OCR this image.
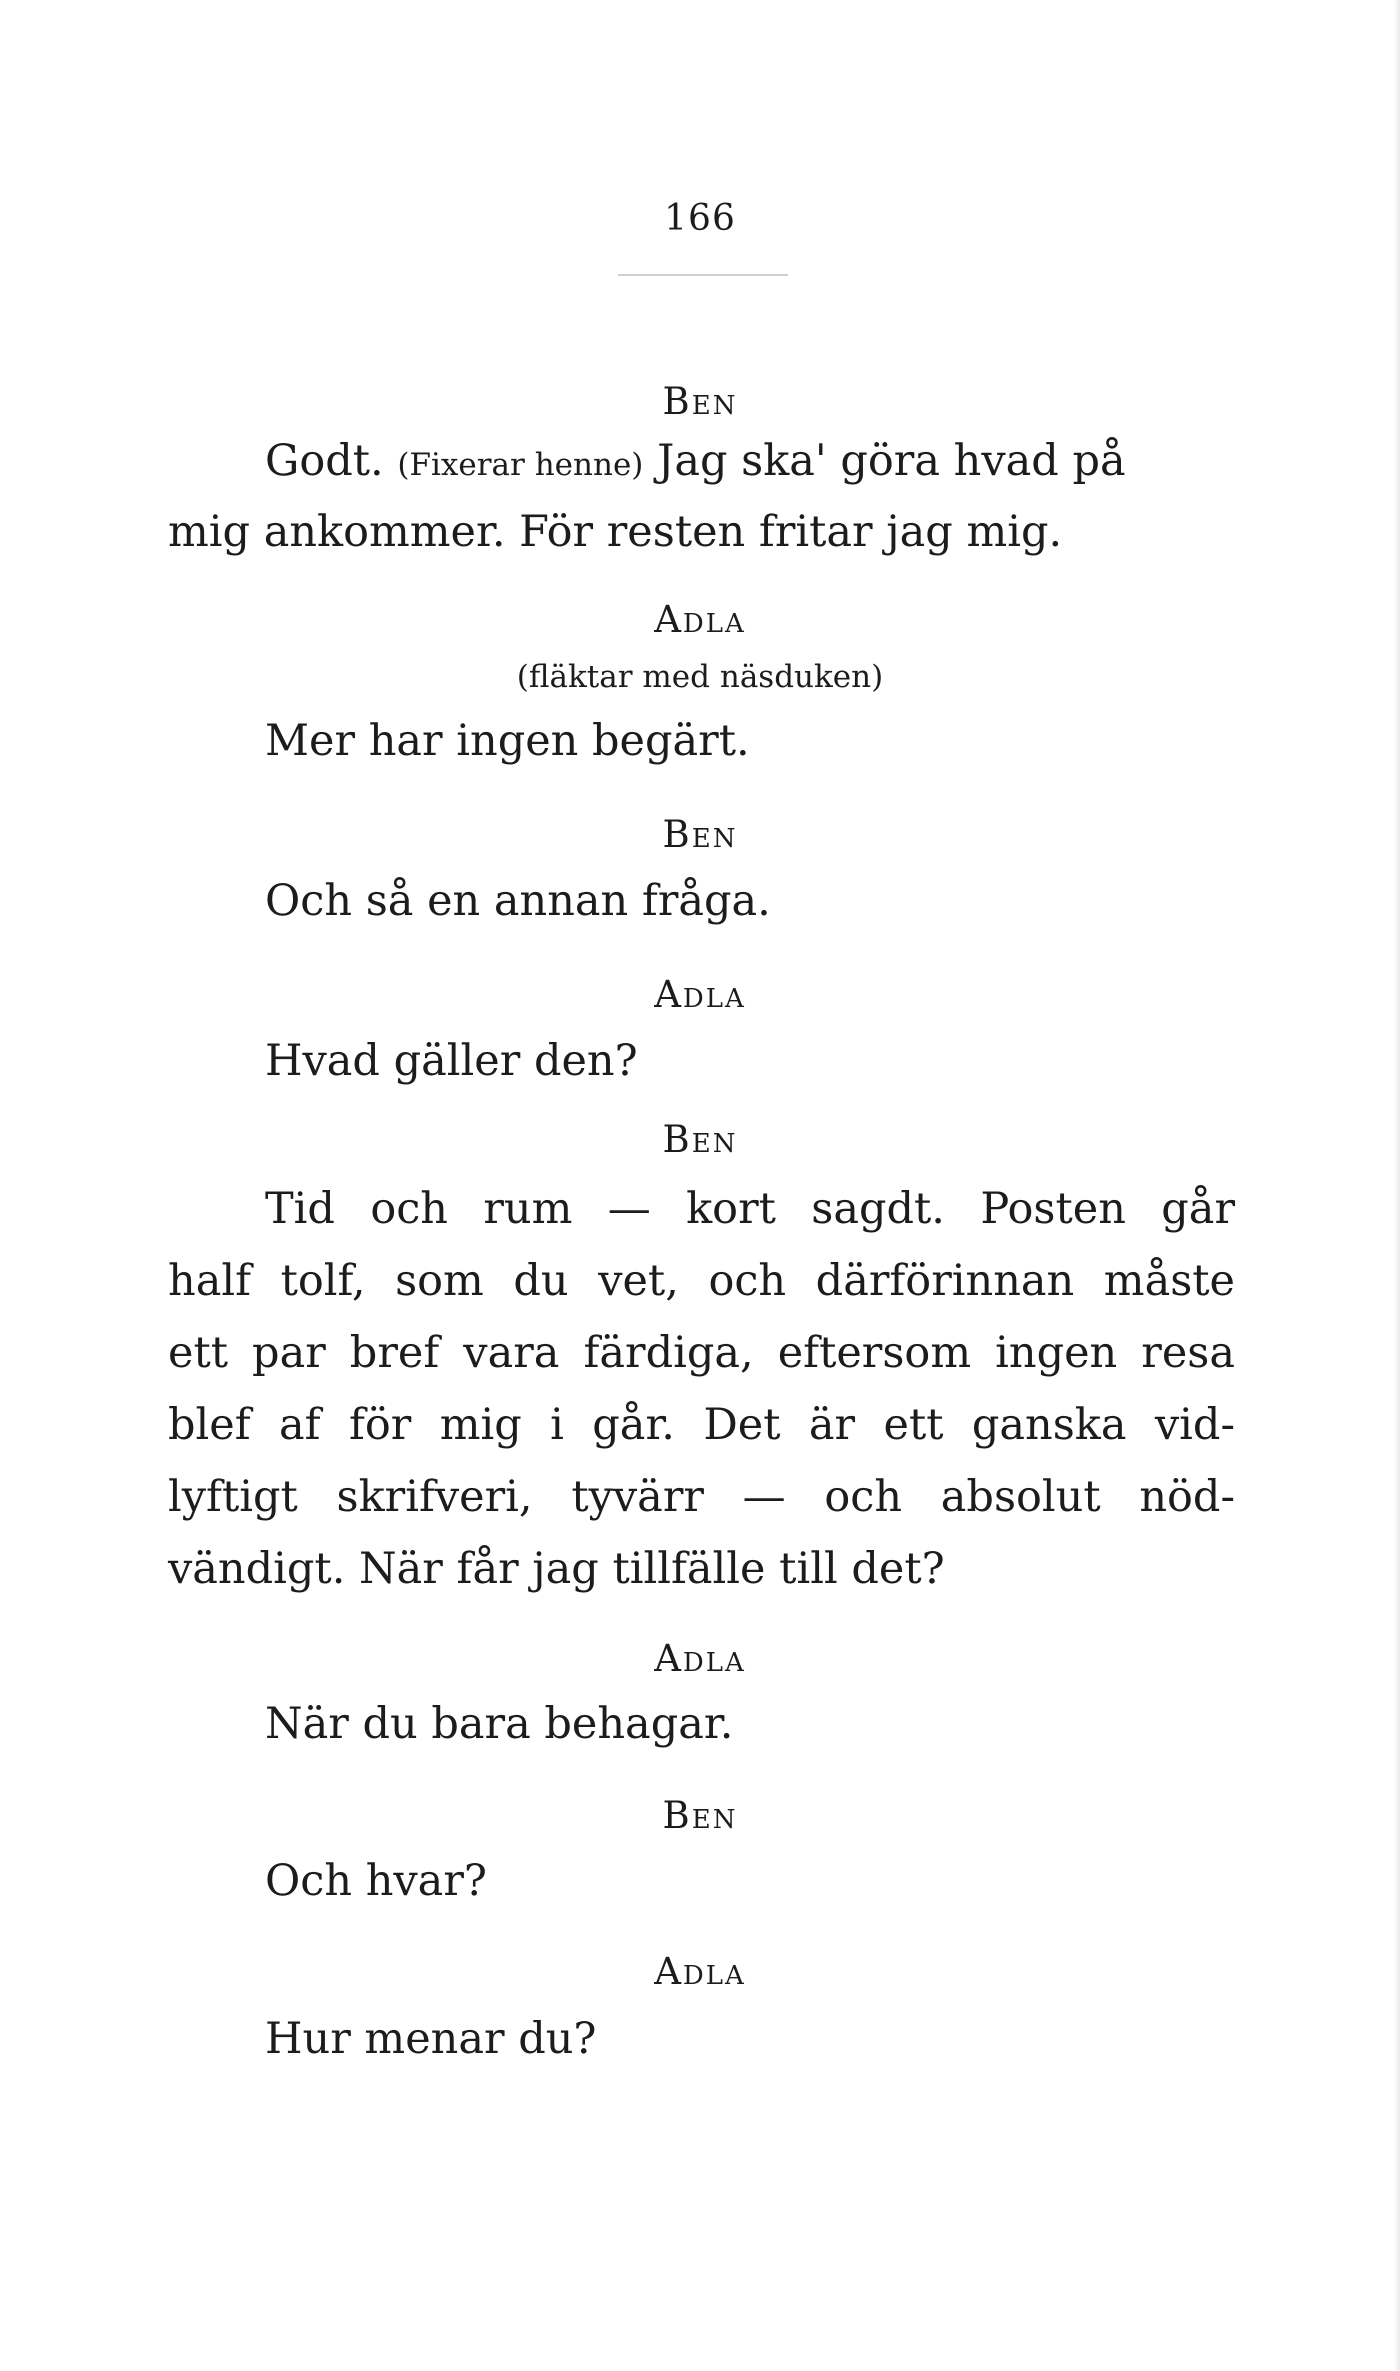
166
Ben
Godt. (Fixerar henne) Jag ska' göra hvad på
mig ankommer. För resten fritar jag mig.
Adla
(fläktar med näsduken)
Mer har ingen begärt.
Ben
Och så en annan fråga.
Adla
Hvad gäller den?
Ben
Tid och rum — kort sagdt. Posten går
half tolf, som du vet, och därförinnan måste
ett par bref vara färdiga, eftersom ingen resa
blef af för mig i går. Det är ett ganska vid-
lyftigt skrifveri, tyvärr — och absolut nöd-
vändigt. När får jag tillfälle till det?
Adla
När du bara behagar.
Ben
Och hvar?
Adla
Hur menar du?
